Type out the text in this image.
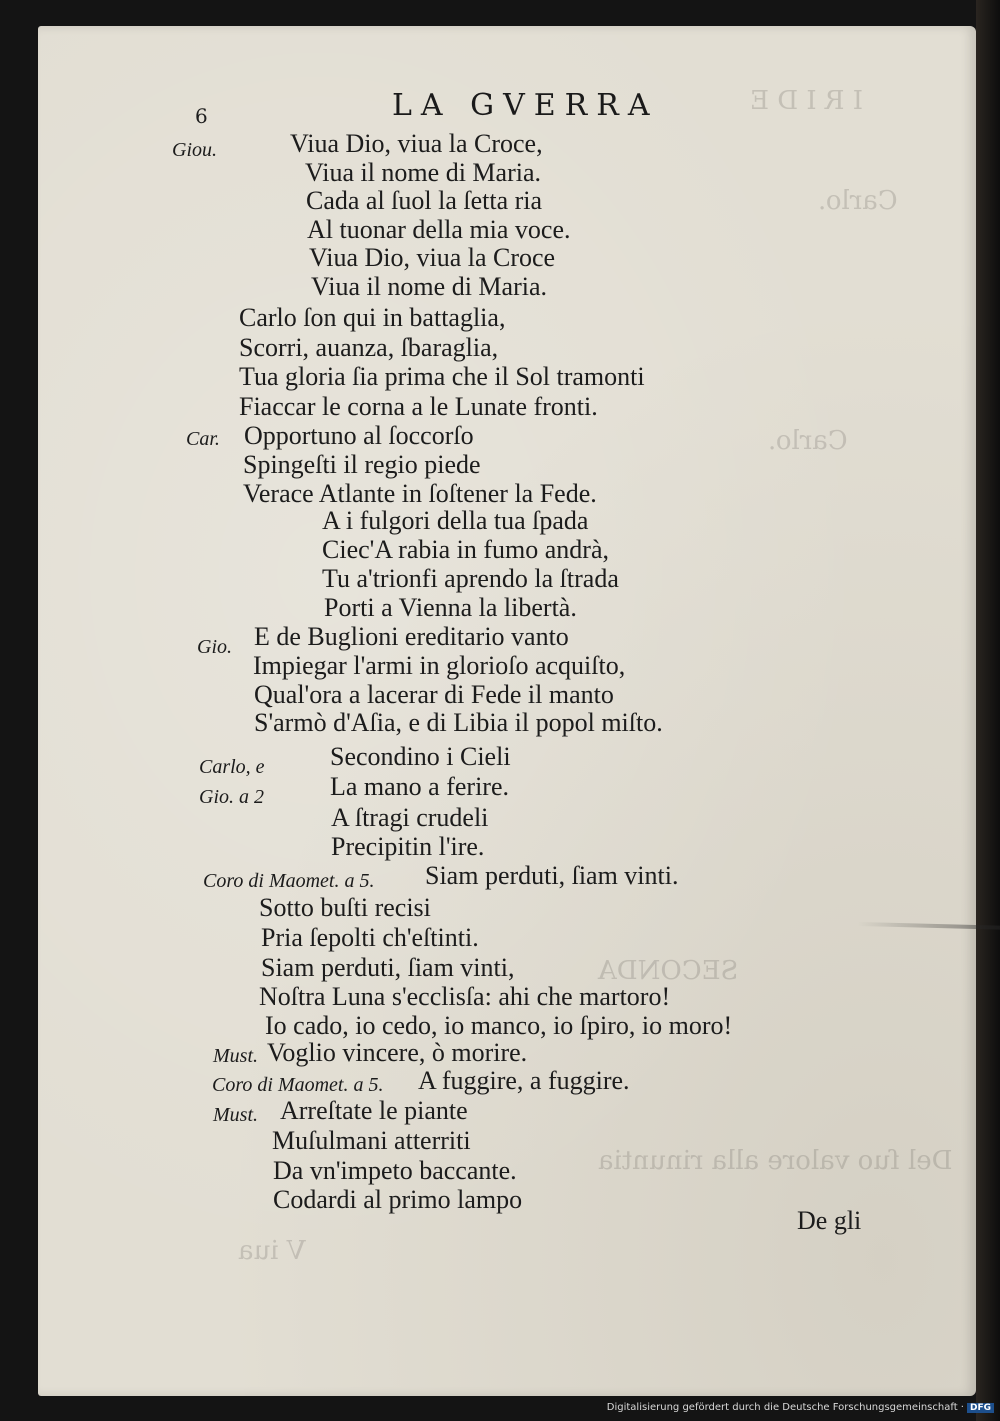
I R I D E
Carlo.
Carlo.
SECONDA
Del ſuo valore alla rinuntia
V iua
6	LA GVERRA
Giou.
Car.
Gio.
Carlo, e
Gio. a 2
Coro di Maomet. a 5.
Must.
Coro di Maomet. a 5.
Must.
Viua Dio, viua la Croce,
Viua il nome di Maria.
Cada al ſuol la ſetta ria
Al tuonar della mia voce.
Viua Dio, viua la Croce
Viua il nome di Maria.
Carlo ſon qui in battaglia,
Scorri, auanza, ſbaraglia,
Tua gloria ſia prima che il Sol tramonti
Fiaccar le corna a le Lunate fronti.
Opportuno al ſoccorſo
Spingeſti il regio piede
Verace Atlante in ſoſtener la Fede.
A i fulgori della tua ſpada
Ciec'A rabia in fumo andrà,
Tu a'trionfi aprendo la ſtrada
Porti a Vienna la libertà.
E de Buglioni ereditario vanto
Impiegar l'armi in glorioſo acquiſto,
Qual'ora a lacerar di Fede il manto
S'armò d'Aſia, e di Libia il popol miſto.
Secondino i Cieli
La mano a ferire.
A ſtragi crudeli
Precipitin l'ire.
Siam perduti, ſiam vinti.
Sotto buſti recisi
Pria ſepolti ch'eſtinti.
Siam perduti, ſiam vinti,
Noſtra Luna s'ecclisſa: ahi che martoro!
Io cado, io cedo, io manco, io ſpiro, io moro!
Voglio vincere, ò morire.
A fuggire, a fuggire.
Arreſtate le piante
Muſulmani atterriti
Da vn'impeto baccante.
Codardi al primo lampo
De gli
Digitalisierung gefördert durch die Deutsche Forschungsgemeinschaft · DFG
